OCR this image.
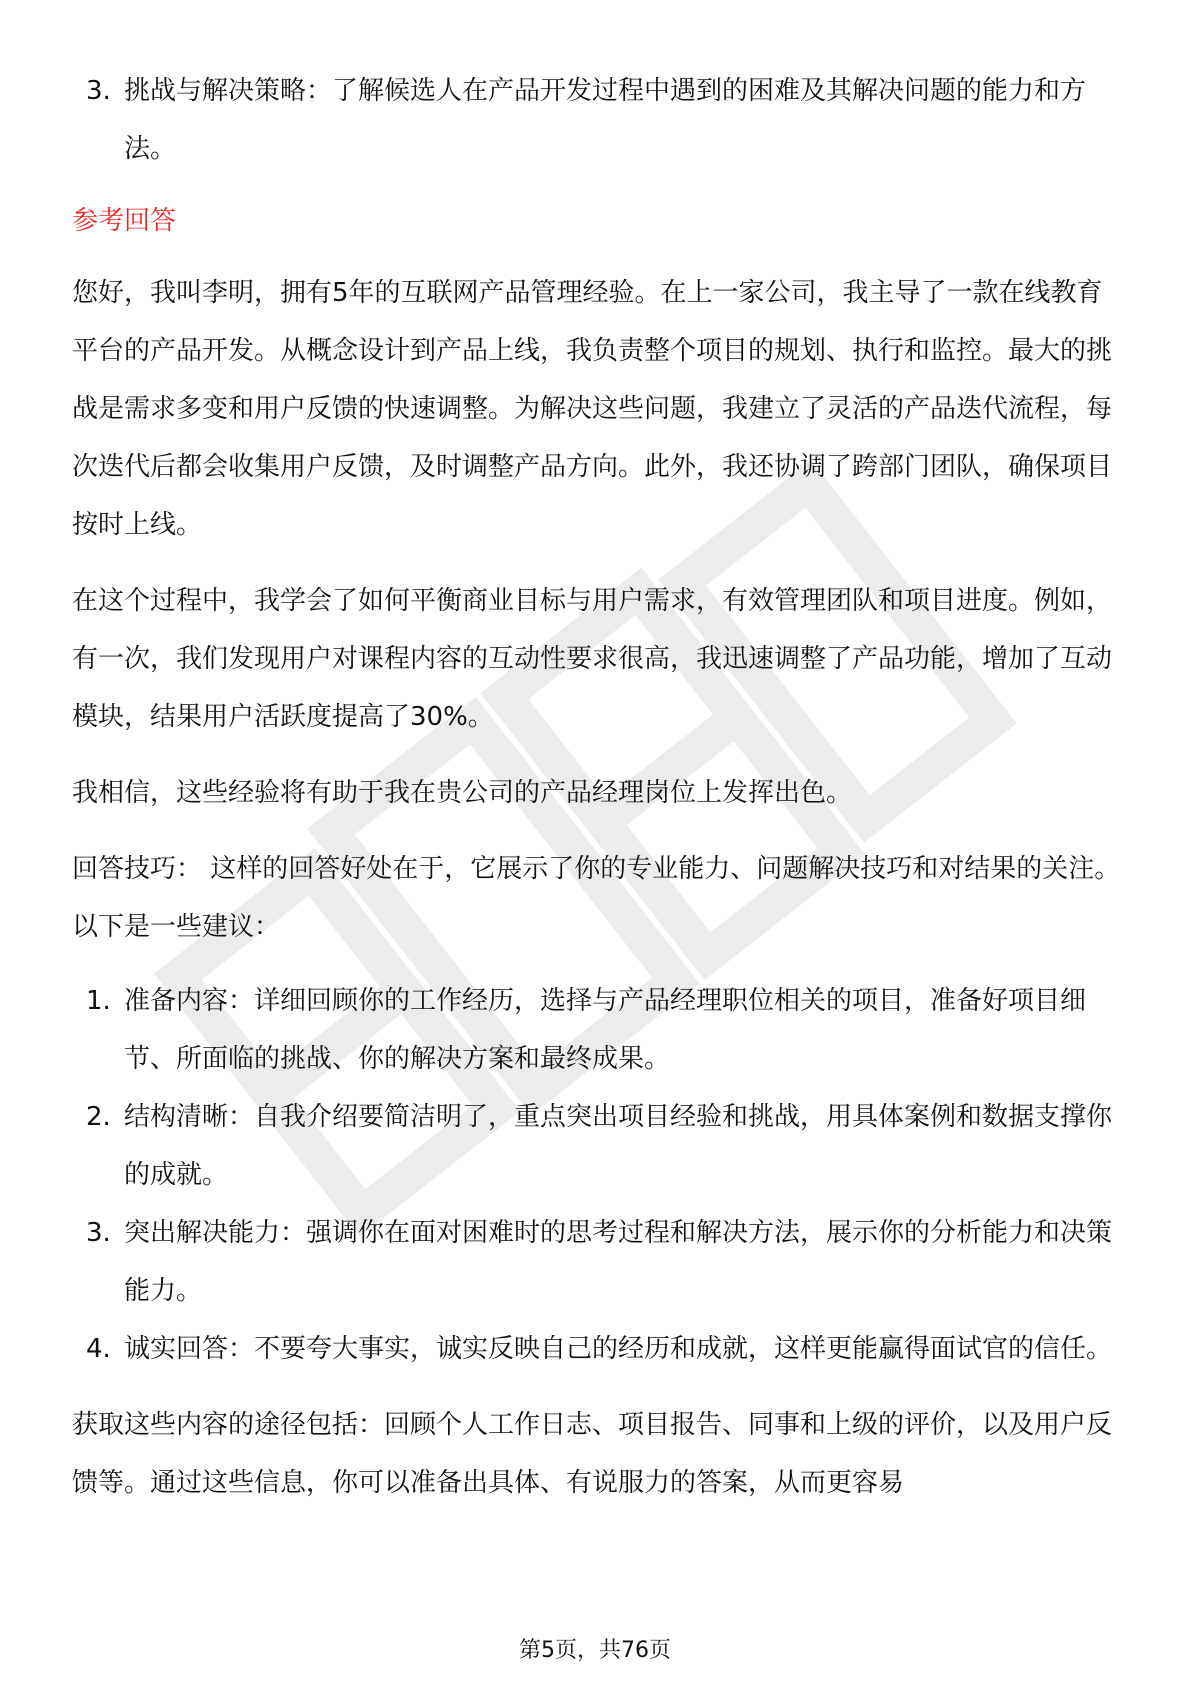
3. 挑战与解决策略：了解候选人在产品开发过程中遇到的困难及其解决问题的能力和方法。
参考回答
您好，我叫李明，拥有5年的互联网产品管理经验。在上一家公司，我主导了一款在线教育平台的产品开发。从概念设计到产品上线，我负责整个项目的规划、执行和监控。最大的挑战是需求多变和用户反馈的快速调整。为解决这些问题，我建立了灵活的产品迭代流程，每次迭代后都会收集用户反馈，及时调整产品方向。此外，我还协调了跨部门团队，确保项目按时上线。
在这个过程中，我学会了如何平衡商业目标与用户需求，有效管理团队和项目进度。例如，有一次，我们发现用户对课程内容的互动性要求很高，我迅速调整了产品功能，增加了互动模块，结果用户活跃度提高了30%。
我相信，这些经验将有助于我在贵公司的产品经理岗位上发挥出色。
回答技巧： 这样的回答好处在于，它展示了你的专业能力、问题解决技巧和对结果的关注。以下是一些建议：
1. 准备内容：详细回顾你的工作经历，选择与产品经理职位相关的项目，准备好项目细节、所面临的挑战、你的解决方案和最终成果。
2. 结构清晰：自我介绍要简洁明了，重点突出项目经验和挑战，用具体案例和数据支撑你的成就。
3. 突出解决能力：强调你在面对困难时的思考过程和解决方法，展示你的分析能力和决策能力。
4. 诚实回答：不要夸大事实，诚实反映自己的经历和成就，这样更能赢得面试官的信任。
获取这些内容的途径包括：回顾个人工作日志、项目报告、同事和上级的评价，以及用户反馈等。通过这些信息，你可以准备出具体、有说服力的答案，从而更容易
第5页，共76页
